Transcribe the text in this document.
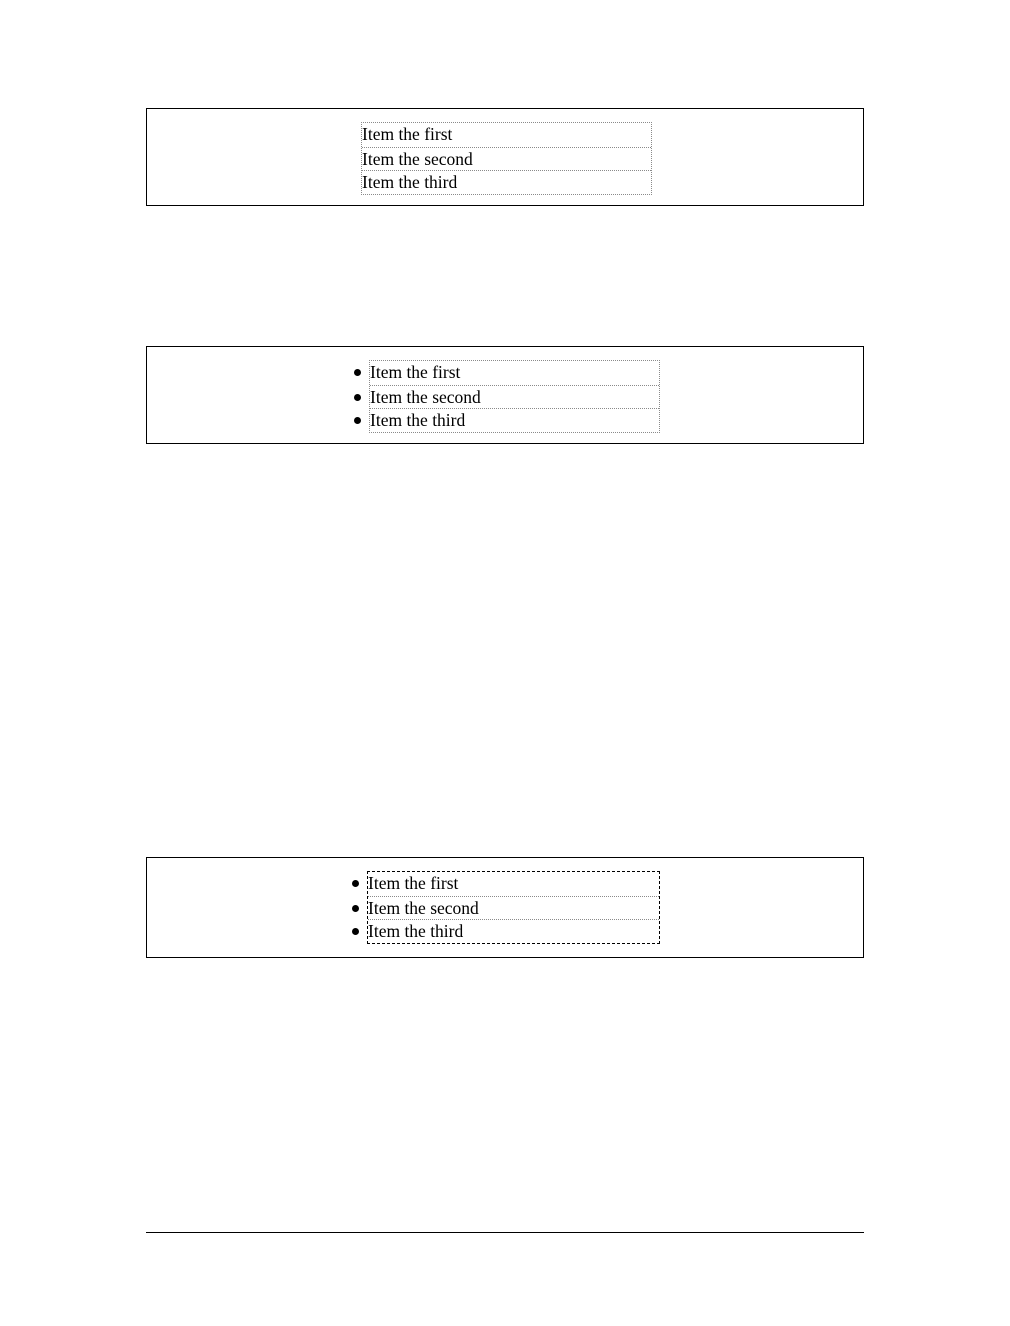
Item the first
Item the second
Item the third
Item the first
Item the second
Item the third
Item the first
Item the second
Item the third
